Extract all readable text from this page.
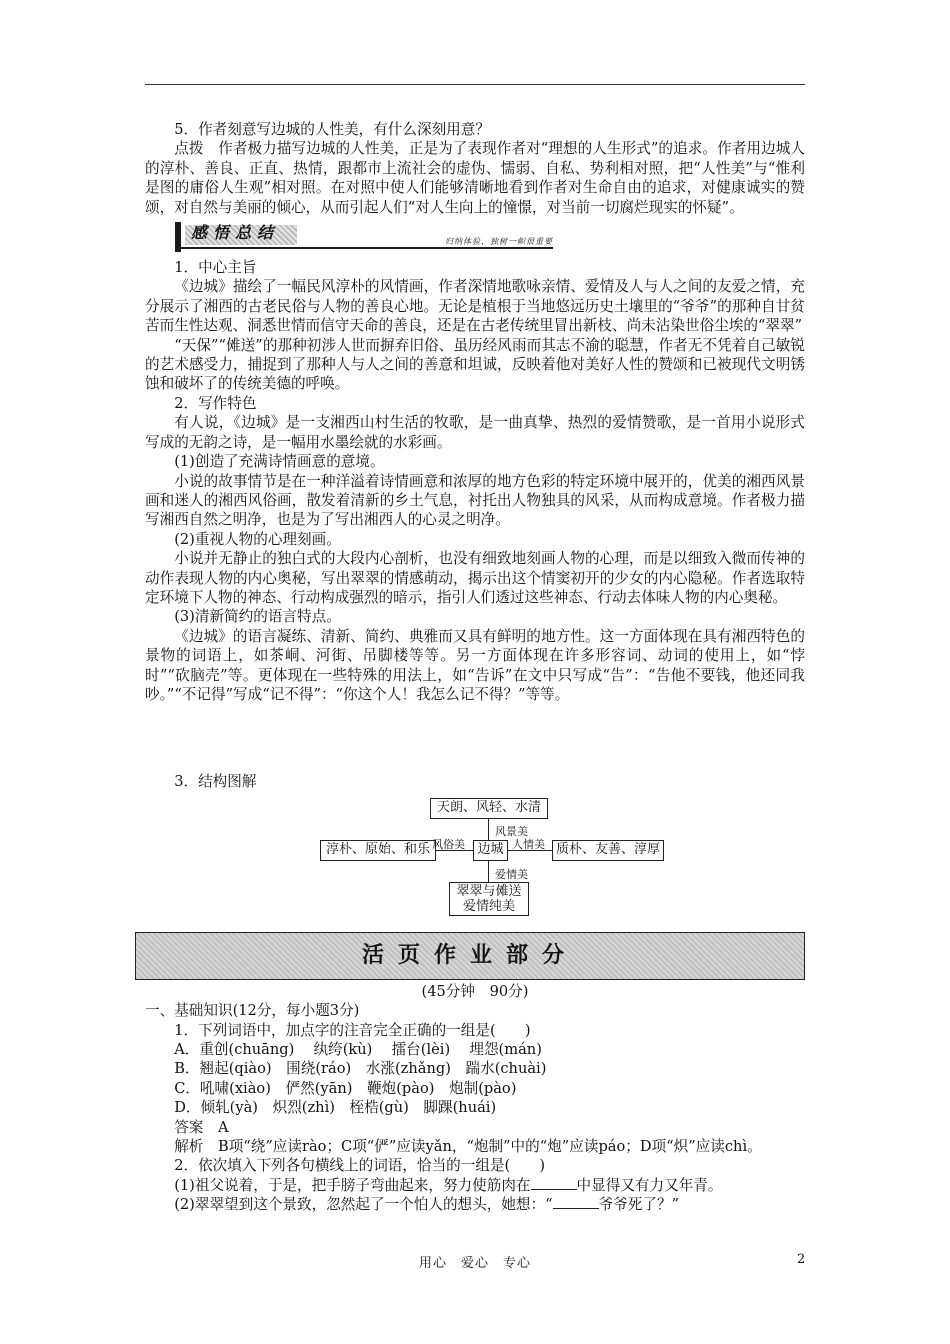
5．作者刻意写边城的人性美，有什么深刻用意？

点拨　作者极力描写边城的人性美，正是为了表现作者对“理想的人生形式”的追求。作者用边城人的淳朴、善良、正直、热情，跟都市上流社会的虚伪、懦弱、自私、势利相对照，把“人性美”与“惟利是图的庸俗人生观”相对照。在对照中使人们能够清晰地看到作者对生命自由的追求，对健康诚实的赞颂，对自然与美丽的倾心，从而引起人们“对人生向上的憧憬，对当前一切腐烂现实的怀疑”。

感悟总结	归纳体验，独树一帜很重要

1．中心主旨

《边城》描绘了一幅民风淳朴的风情画，作者深情地歌咏亲情、爱情及人与人之间的友爱之情，充分展示了湘西的古老民俗与人物的善良心地。无论是植根于当地悠远历史土壤里的“爷爷”的那种自甘贫苦而生性达观、洞悉世情而信守天命的善良，还是在古老传统里冒出新枝、尚未沾染世俗尘埃的“翠翠”

“天保”“傩送”的那种初涉人世而摒弃旧俗、虽历经风雨而其志不渝的聪慧，作者无不凭着自己敏锐的艺术感受力，捕捉到了那种人与人之间的善意和坦诚，反映着他对美好人性的赞颂和已被现代文明锈蚀和破坏了的传统美德的呼唤。

2．写作特色

有人说，《边城》是一支湘西山村生活的牧歌，是一曲真挚、热烈的爱情赞歌，是一首用小说形式写成的无韵之诗，是一幅用水墨绘就的水彩画。

(1)创造了充满诗情画意的意境。

小说的故事情节是在一种洋溢着诗情画意和浓厚的地方色彩的特定环境中展开的，优美的湘西风景画和迷人的湘西风俗画，散发着清新的乡土气息，衬托出人物独具的风采，从而构成意境。作者极力描写湘西自然之明净，也是为了写出湘西人的心灵之明净。

(2)重视人物的心理刻画。

小说并无静止的独白式的大段内心剖析，也没有细致地刻画人物的心理，而是以细致入微而传神的动作表现人物的内心奥秘，写出翠翠的情感萌动，揭示出这个情窦初开的少女的内心隐秘。作者选取特定环境下人物的神态、行动构成强烈的暗示，指引人们透过这些神态、行动去体味人物的内心奥秘。

(3)清新简约的语言特点。

《边城》的语言凝练、清新、简约、典雅而又具有鲜明的地方性。这一方面体现在具有湘西特色的景物的词语上，如茶峒、河街、吊脚楼等等。另一方面体现在许多形容词、动词的使用上，如“悖时”“砍脑壳”等。更体现在一些特殊的用法上，如“告诉”在文中只写成“告”：“告他不要钱，他还同我吵。”“不记得”写成“记不得”：“你这个人！我怎么记不得？”等等。

3．结构图解

天朗、风轻、水清
风景美
淳朴、原始、和乐 风俗美 边城 人情美 质朴、友善、淳厚
爱情美
翠翠与傩送
爱情纯美
活页作业部分

(45分钟　90分)

一、基础知识(12分，每小题3分)

1．下列词语中，加点字的注音完全正确的一组是(　　)

A．重创(chuāng)　 纨绔(kù)　 擂台(lèi)　 埋怨(mán)

B．翘起(qiào)　围绕(ráo)　水涨(zhǎng)　踹水(chuài)

C．吼啸(xiào)　俨然(yān)　鞭炮(pào)　炮制(pào)

D．倾轧(yà)　炽烈(zhì)　桎梏(gù)　脚踝(huái)

答案　A

解析　B项“绕”应读rào；C项“俨”应读yǎn，“炮制”中的“炮”应读páo；D项“炽”应读chì。

2．依次填入下列各句横线上的词语，恰当的一组是(　　)

(1)祖父说着，于是，把手膀子弯曲起来，努力使筋肉在	中显得又有力又年青。

(2)翠翠望到这个景致，忽然起了一个怕人的想头，她想：“	爷爷死了？”

用心　爱心　专心	2
